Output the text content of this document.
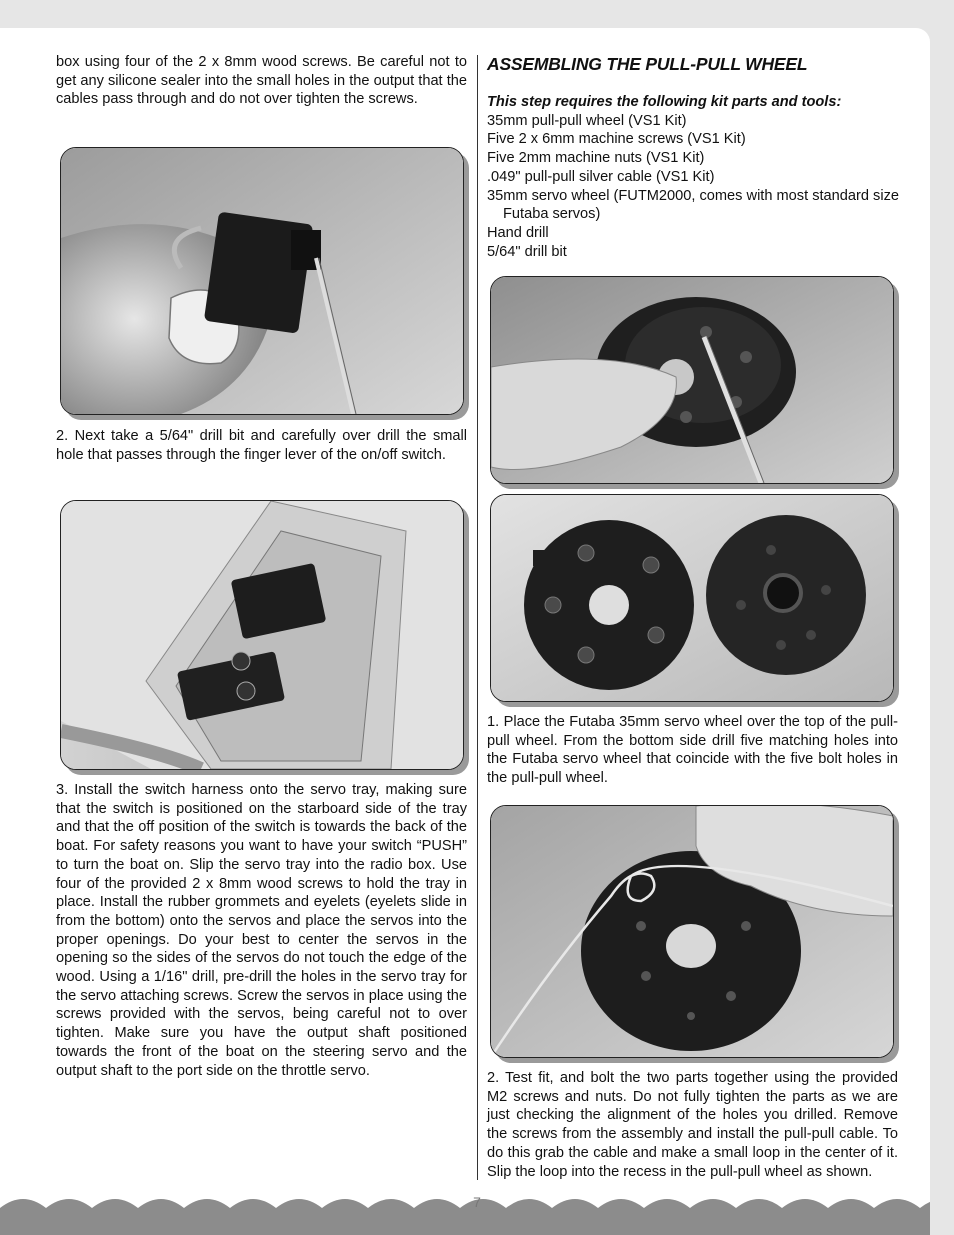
box using four of the 2 x 8mm wood screws. Be careful not to get any silicone sealer into the small holes in the output that the cables pass through and do not over tighten the screws.

2. Next take a 5/64" drill bit and carefully over drill the small hole that passes through the finger lever of the on/off switch.

3. Install the switch harness onto the servo tray, making sure that the switch is positioned on the starboard side of the tray and that the off position of the switch is towards the back of the boat. For safety reasons you want to have your switch “PUSH” to turn the boat on. Slip the servo tray into the radio box. Use four of the provided 2 x 8mm wood screws to hold the tray in place. Install the rubber grommets and eyelets (eyelets slide in from the bottom) onto the servos and place the servos into the proper openings. Do your best to center the servos in the opening so the sides of the servos do not touch the edge of the wood. Using a 1/16" drill, pre-drill the holes in the servo tray for the servo attaching screws. Screw the servos in place using the screws provided with the servos, being careful not to over tighten. Make sure you have the output shaft positioned towards the front of the boat on the steering servo and the output shaft to the port side on the throttle servo.

ASSEMBLING THE PULL-PULL WHEEL
This step requires the following kit parts and tools:
35mm pull-pull wheel (VS1 Kit)
Five 2 x 6mm machine screws (VS1 Kit)
Five 2mm machine nuts (VS1 Kit)
.049" pull-pull silver cable (VS1 Kit)
35mm servo wheel (FUTM2000, comes with most standard size Futaba servos)
Hand drill
5/64" drill bit

1. Place the Futaba 35mm servo wheel over the top of the pull-pull wheel. From the bottom side drill five matching holes into the Futaba servo wheel that coincide with the five bolt holes in the pull-pull wheel.

2. Test fit, and bolt the two parts together using the provided M2 screws and nuts. Do not fully tighten the parts as we are just checking the alignment of the holes you drilled. Remove the screws from the assembly and install the pull-pull cable. To do this grab the cable and make a small loop in the center of it. Slip the loop into the recess in the pull-pull wheel as shown.

7
